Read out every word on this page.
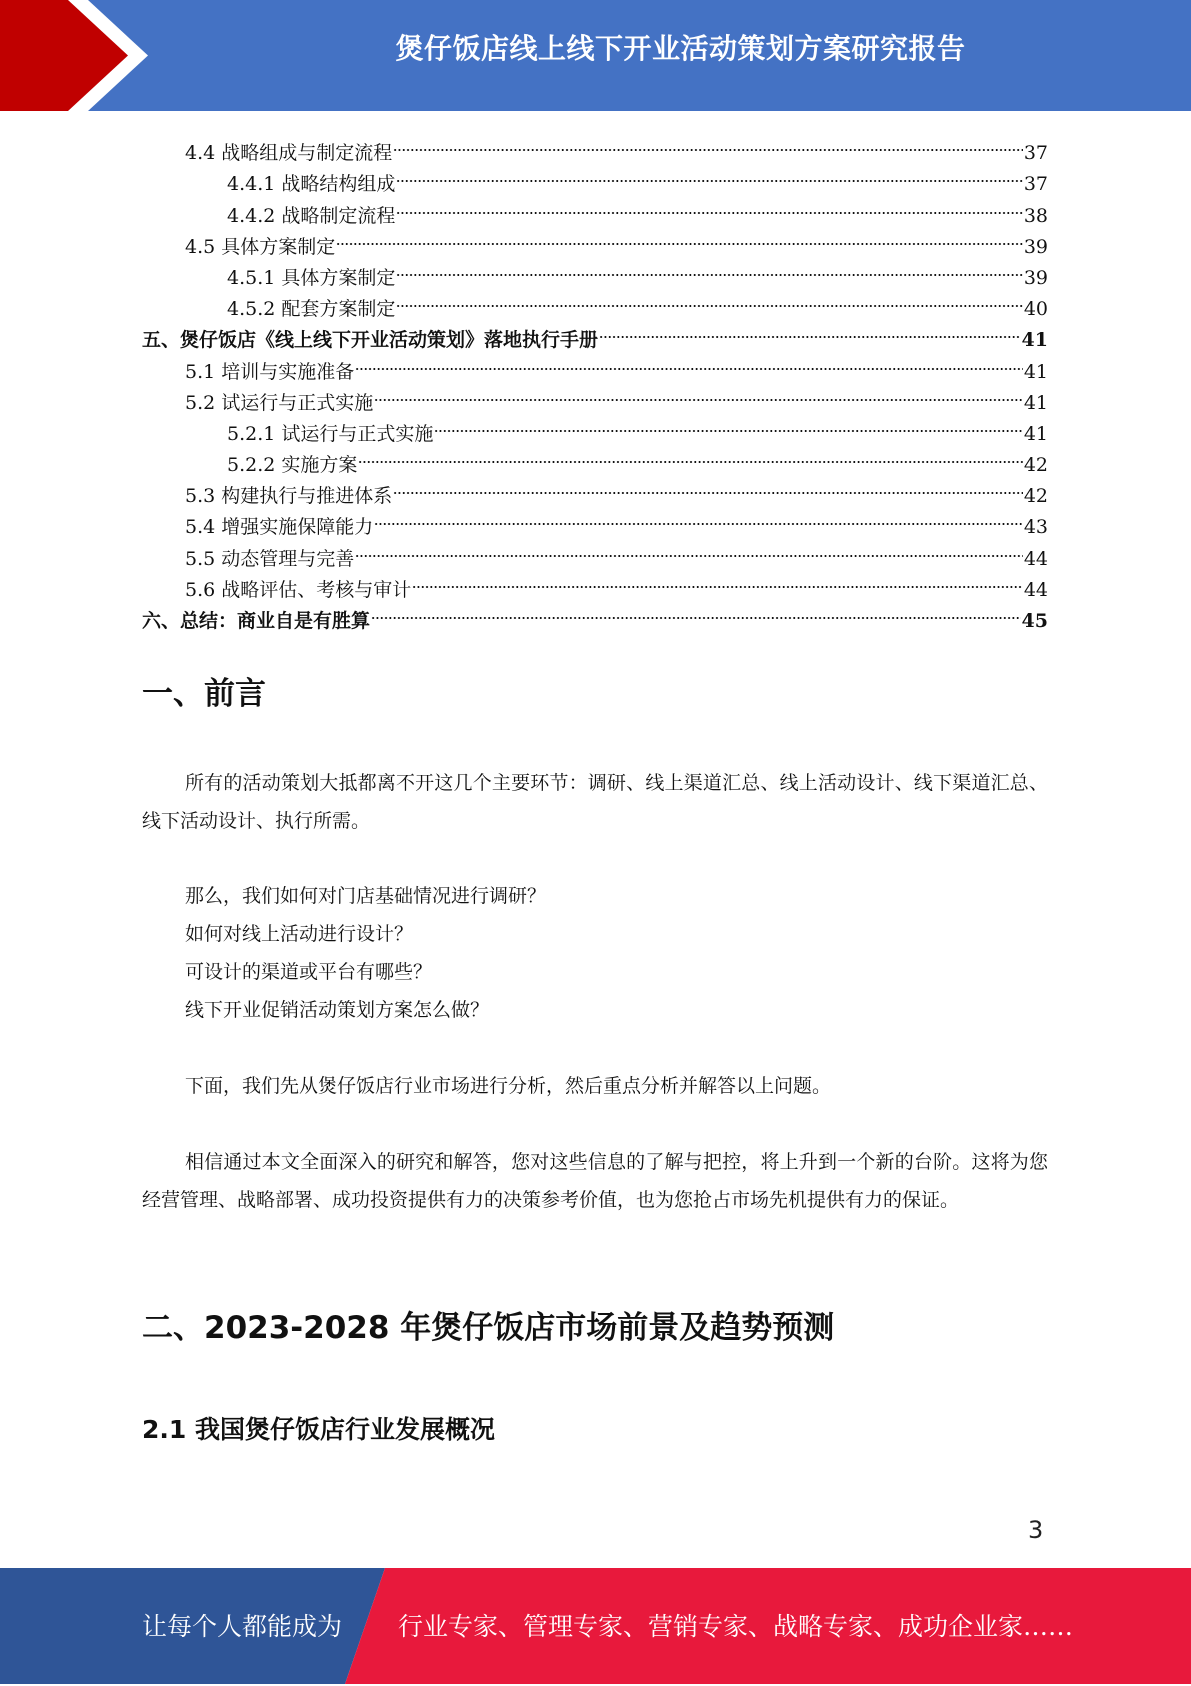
煲仔饭店线上线下开业活动策划方案研究报告
4.4 战略组成与制定流程	37
4.4.1 战略结构组成	37
4.4.2 战略制定流程	38
4.5 具体方案制定	39
4.5.1 具体方案制定	39
4.5.2 配套方案制定	40
五、煲仔饭店《线上线下开业活动策划》落地执行手册	41
5.1 培训与实施准备	41
5.2 试运行与正式实施	41
5.2.1 试运行与正式实施	41
5.2.2 实施方案	42
5.3 构建执行与推进体系	42
5.4 增强实施保障能力	43
5.5 动态管理与完善	44
5.6 战略评估、考核与审计	44
六、总结：商业自是有胜算	45
一、前言
所有的活动策划大抵都离不开这几个主要环节：调研、线上渠道汇总、线上活动设计、线下渠道汇总、线下活动设计、执行所需。
那么，我们如何对门店基础情况进行调研？
如何对线上活动进行设计？
可设计的渠道或平台有哪些？
线下开业促销活动策划方案怎么做？
下面，我们先从煲仔饭店行业市场进行分析，然后重点分析并解答以上问题。
相信通过本文全面深入的研究和解答，您对这些信息的了解与把控，将上升到一个新的台阶。这将为您经营管理、战略部署、成功投资提供有力的决策参考价值，也为您抢占市场先机提供有力的保证。
二、2023-2028 年煲仔饭店市场前景及趋势预测
2.1 我国煲仔饭店行业发展概况
3
让每个人都能成为 行业专家、管理专家、营销专家、战略专家、成功企业家……
